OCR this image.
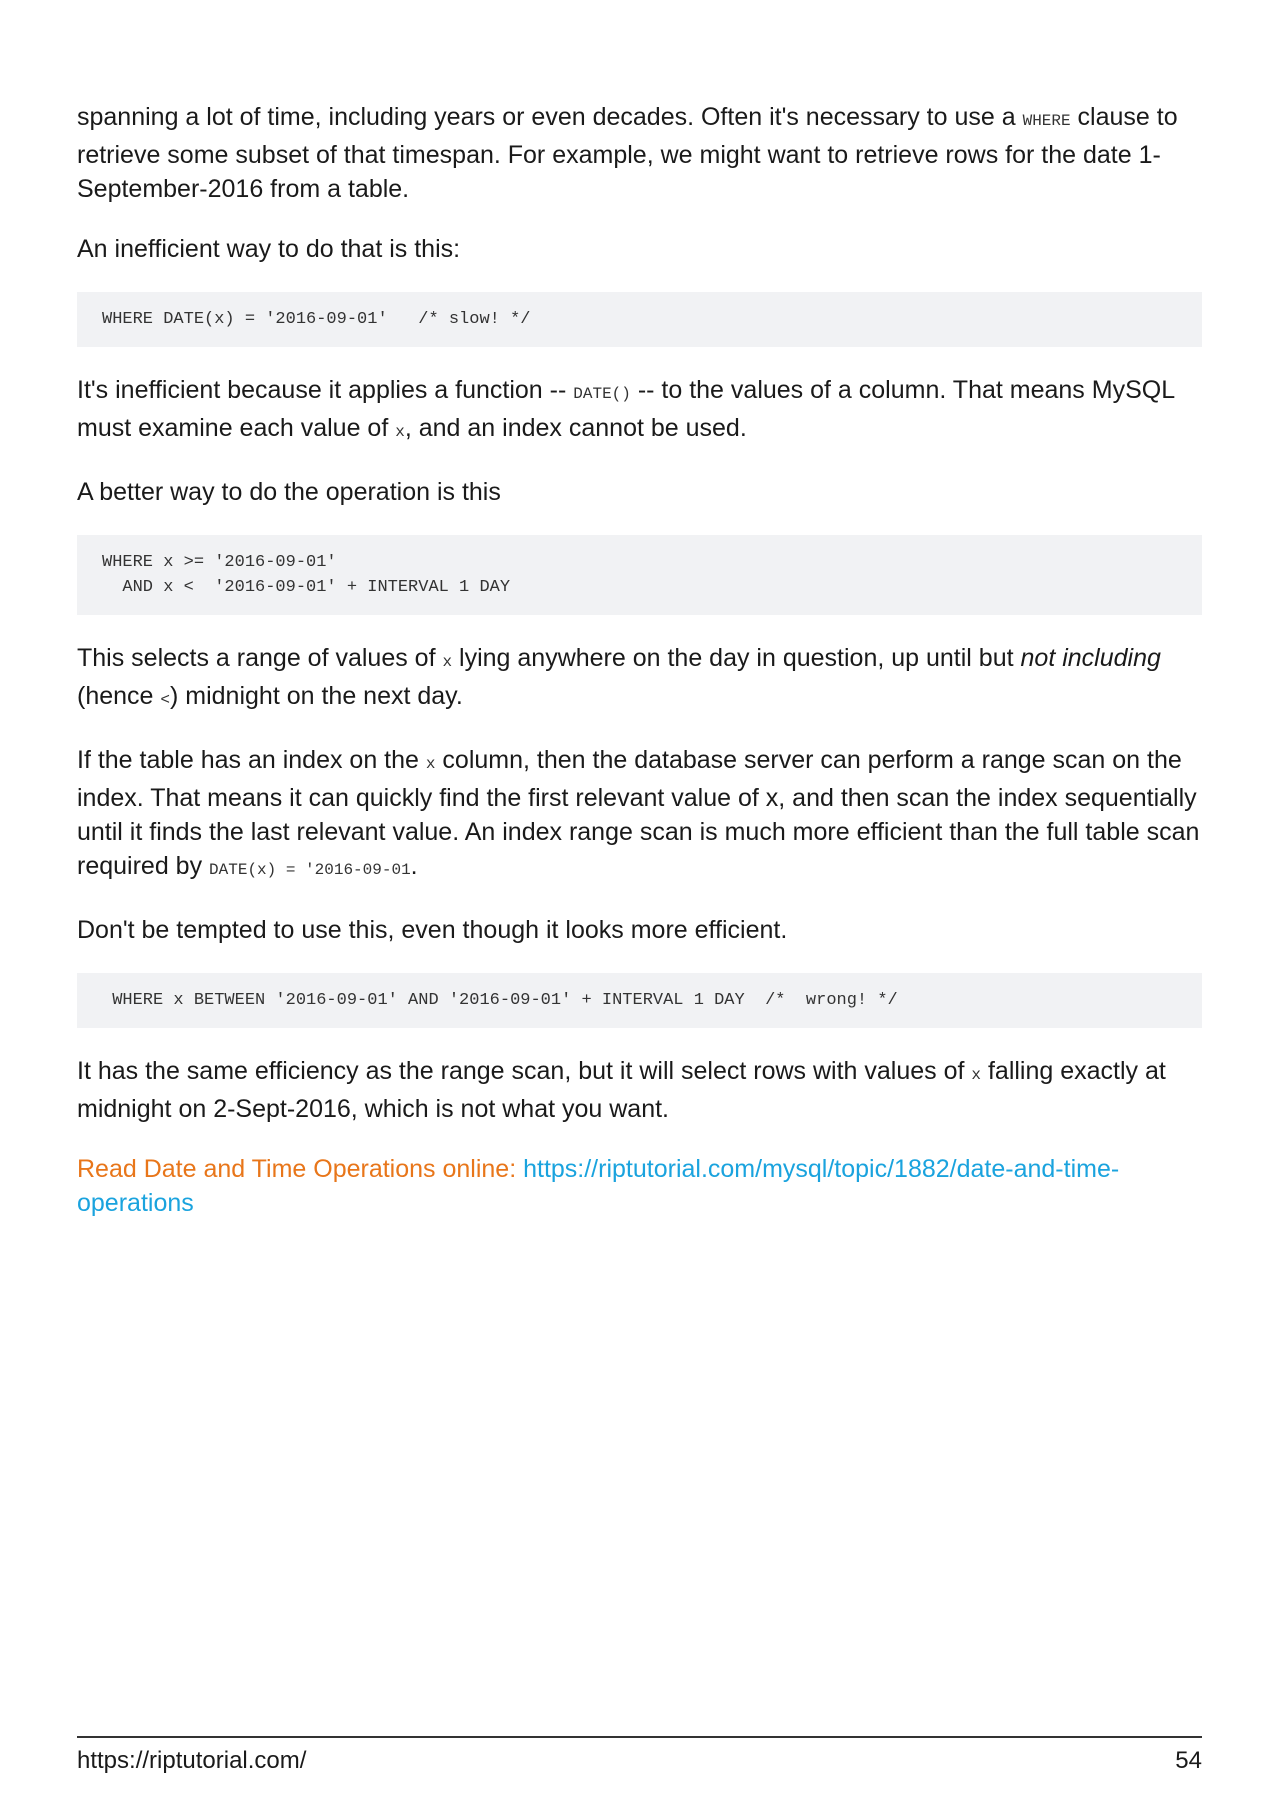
spanning a lot of time, including years or even decades. Often it's necessary to use a WHERE clause to retrieve some subset of that timespan. For example, we might want to retrieve rows for the date 1-September-2016 from a table.

An inefficient way to do that is this:

WHERE DATE(x) = '2016-09-01'   /* slow! */

It's inefficient because it applies a function -- DATE() -- to the values of a column. That means MySQL must examine each value of x, and an index cannot be used.

A better way to do the operation is this

WHERE x >= '2016-09-01'
AND x <  '2016-09-01' + INTERVAL 1 DAY

This selects a range of values of x lying anywhere on the day in question, up until but not including (hence <) midnight on the next day.

If the table has an index on the x column, then the database server can perform a range scan on the index. That means it can quickly find the first relevant value of x, and then scan the index sequentially until it finds the last relevant value. An index range scan is much more efficient than the full table scan required by DATE(x) = '2016-09-01.

Don't be tempted to use this, even though it looks more efficient.

WHERE x BETWEEN '2016-09-01' AND '2016-09-01' + INTERVAL 1 DAY  /*  wrong! */

It has the same efficiency as the range scan, but it will select rows with values of x falling exactly at midnight on 2-Sept-2016, which is not what you want.

Read Date and Time Operations online: https://riptutorial.com/mysql/topic/1882/date-and-time-operations

https://riptutorial.com/	54
